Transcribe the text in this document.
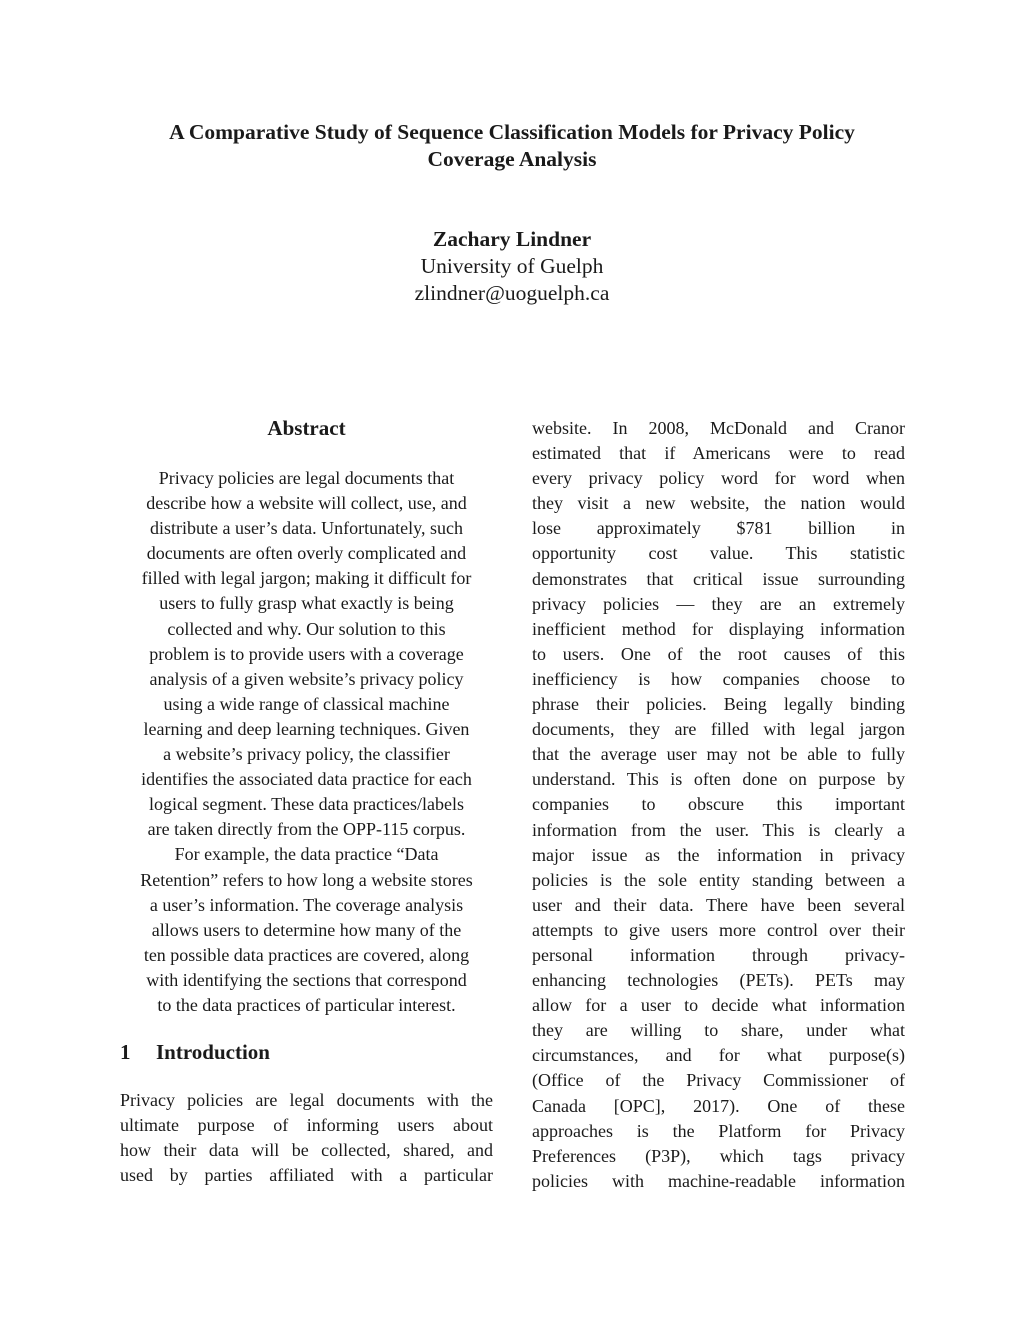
A Comparative Study of Sequence Classification Models for Privacy Policy
Coverage Analysis
Zachary Lindner
University of Guelph
zlindner@uoguelph.ca
Abstract
Privacy policies are legal documents that
describe how a website will collect, use, and
distribute a user’s data. Unfortunately, such
documents are often overly complicated and
filled with legal jargon; making it difficult for
users to fully grasp what exactly is being
collected and why. Our solution to this
problem is to provide users with a coverage
analysis of a given website’s privacy policy
using a wide range of classical machine
learning and deep learning techniques. Given
a website’s privacy policy, the classifier
identifies the associated data practice for each
logical segment. These data practices/labels
are taken directly from the OPP-115 corpus.
For example, the data practice “Data
Retention” refers to how long a website stores
a user’s information. The coverage analysis
allows users to determine how many of the
ten possible data practices are covered, along
with identifying the sections that correspond
to the data practices of particular interest.
1 Introduction
Privacy policies are legal documents with the
ultimate purpose of informing users about
how their data will be collected, shared, and
used by parties affiliated with a particular
website. In 2008, McDonald and Cranor
estimated that if Americans were to read
every privacy policy word for word when
they visit a new website, the nation would
lose approximately $781 billion in
opportunity cost value. This statistic
demonstrates that critical issue surrounding
privacy policies — they are an extremely
inefficient method for displaying information
to users. One of the root causes of this
inefficiency is how companies choose to
phrase their policies. Being legally binding
documents, they are filled with legal jargon
that the average user may not be able to fully
understand. This is often done on purpose by
companies to obscure this important
information from the user. This is clearly a
major issue as the information in privacy
policies is the sole entity standing between a
user and their data. There have been several
attempts to give users more control over their
personal information through privacy-
enhancing technologies (PETs). PETs may
allow for a user to decide what information
they are willing to share, under what
circumstances, and for what purpose(s)
(Office of the Privacy Commissioner of
Canada [OPC], 2017). One of these
approaches is the Platform for Privacy
Preferences (P3P), which tags privacy
policies with machine-readable information
